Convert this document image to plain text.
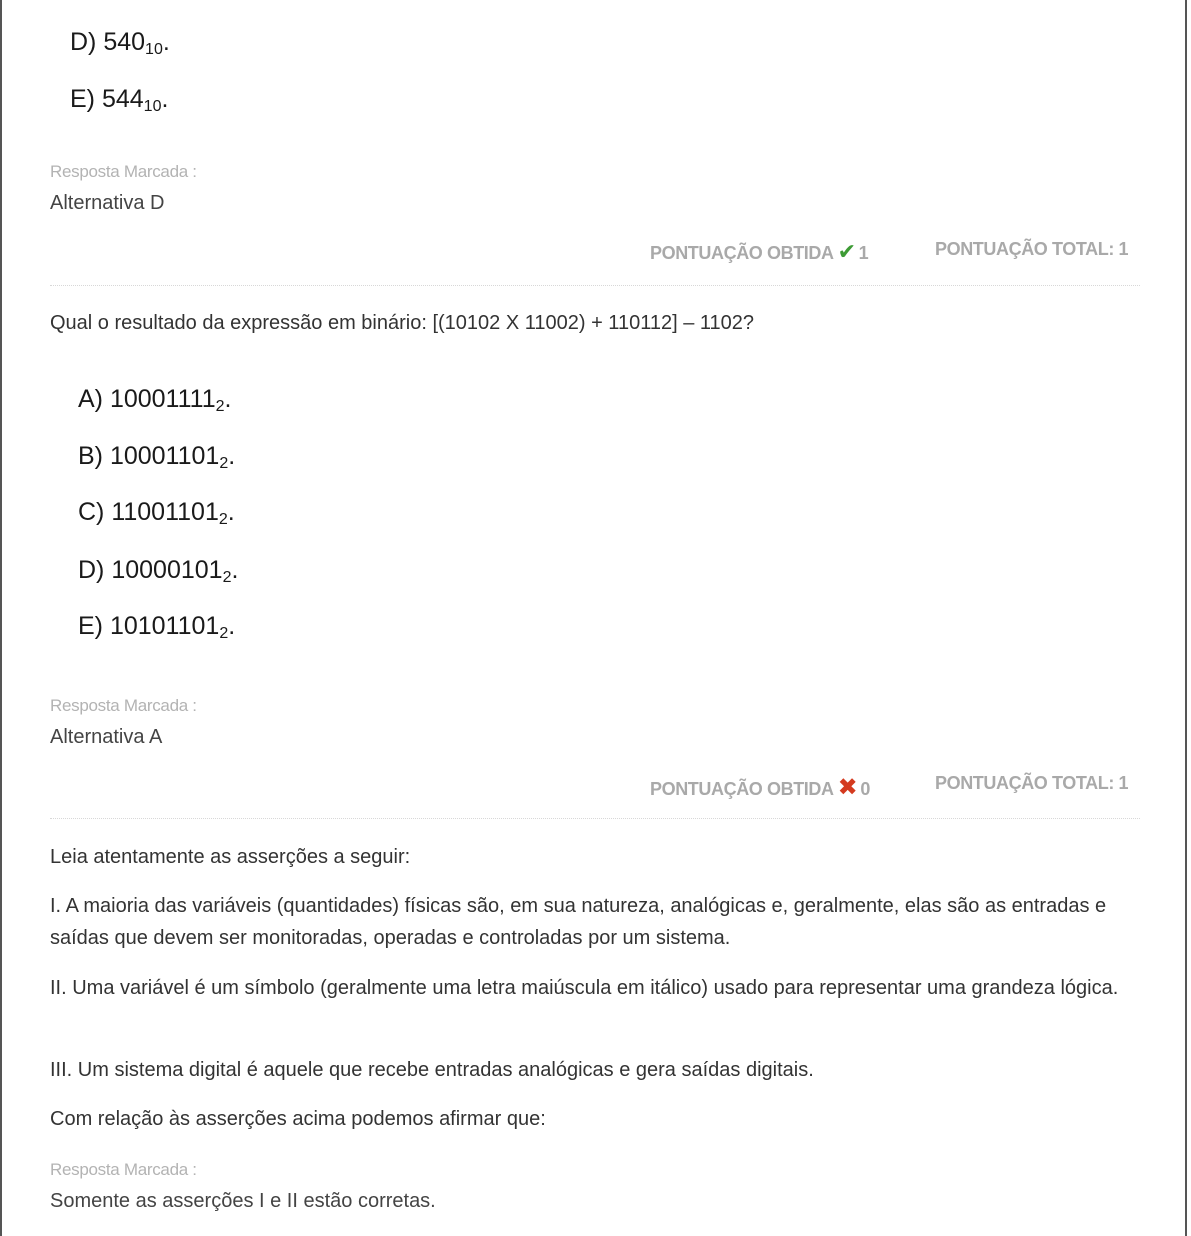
D) $540_{10}$.
E) $544_{10}$.
Resposta Marcada :
Alternativa D
PONTUAÇÃO OBTIDA ✔ 1	PONTUAÇÃO TOTAL: 1
Qual o resultado da expressão em binário: [(10102 X 11002) + 110112] – 1102?
A) $10001111_2$.
B) $10001101_2$.
C) $11001101_2$.
D) $10000101_2$.
E) $10101101_2$.
Resposta Marcada :
Alternativa A
PONTUAÇÃO OBTIDA ✖ 0	PONTUAÇÃO TOTAL: 1
Leia atentamente as asserções a seguir:
I. A maioria das variáveis (quantidades) físicas são, em sua natureza, analógicas e, geralmente, elas são as entradas e saídas que devem ser monitoradas, operadas e controladas por um sistema.
II. Uma variável é um símbolo (geralmente uma letra maiúscula em itálico) usado para representar uma grandeza lógica.
III. Um sistema digital é aquele que recebe entradas analógicas e gera saídas digitais.
Com relação às asserções acima podemos afirmar que:
Resposta Marcada :
Somente as asserções I e II estão corretas.
